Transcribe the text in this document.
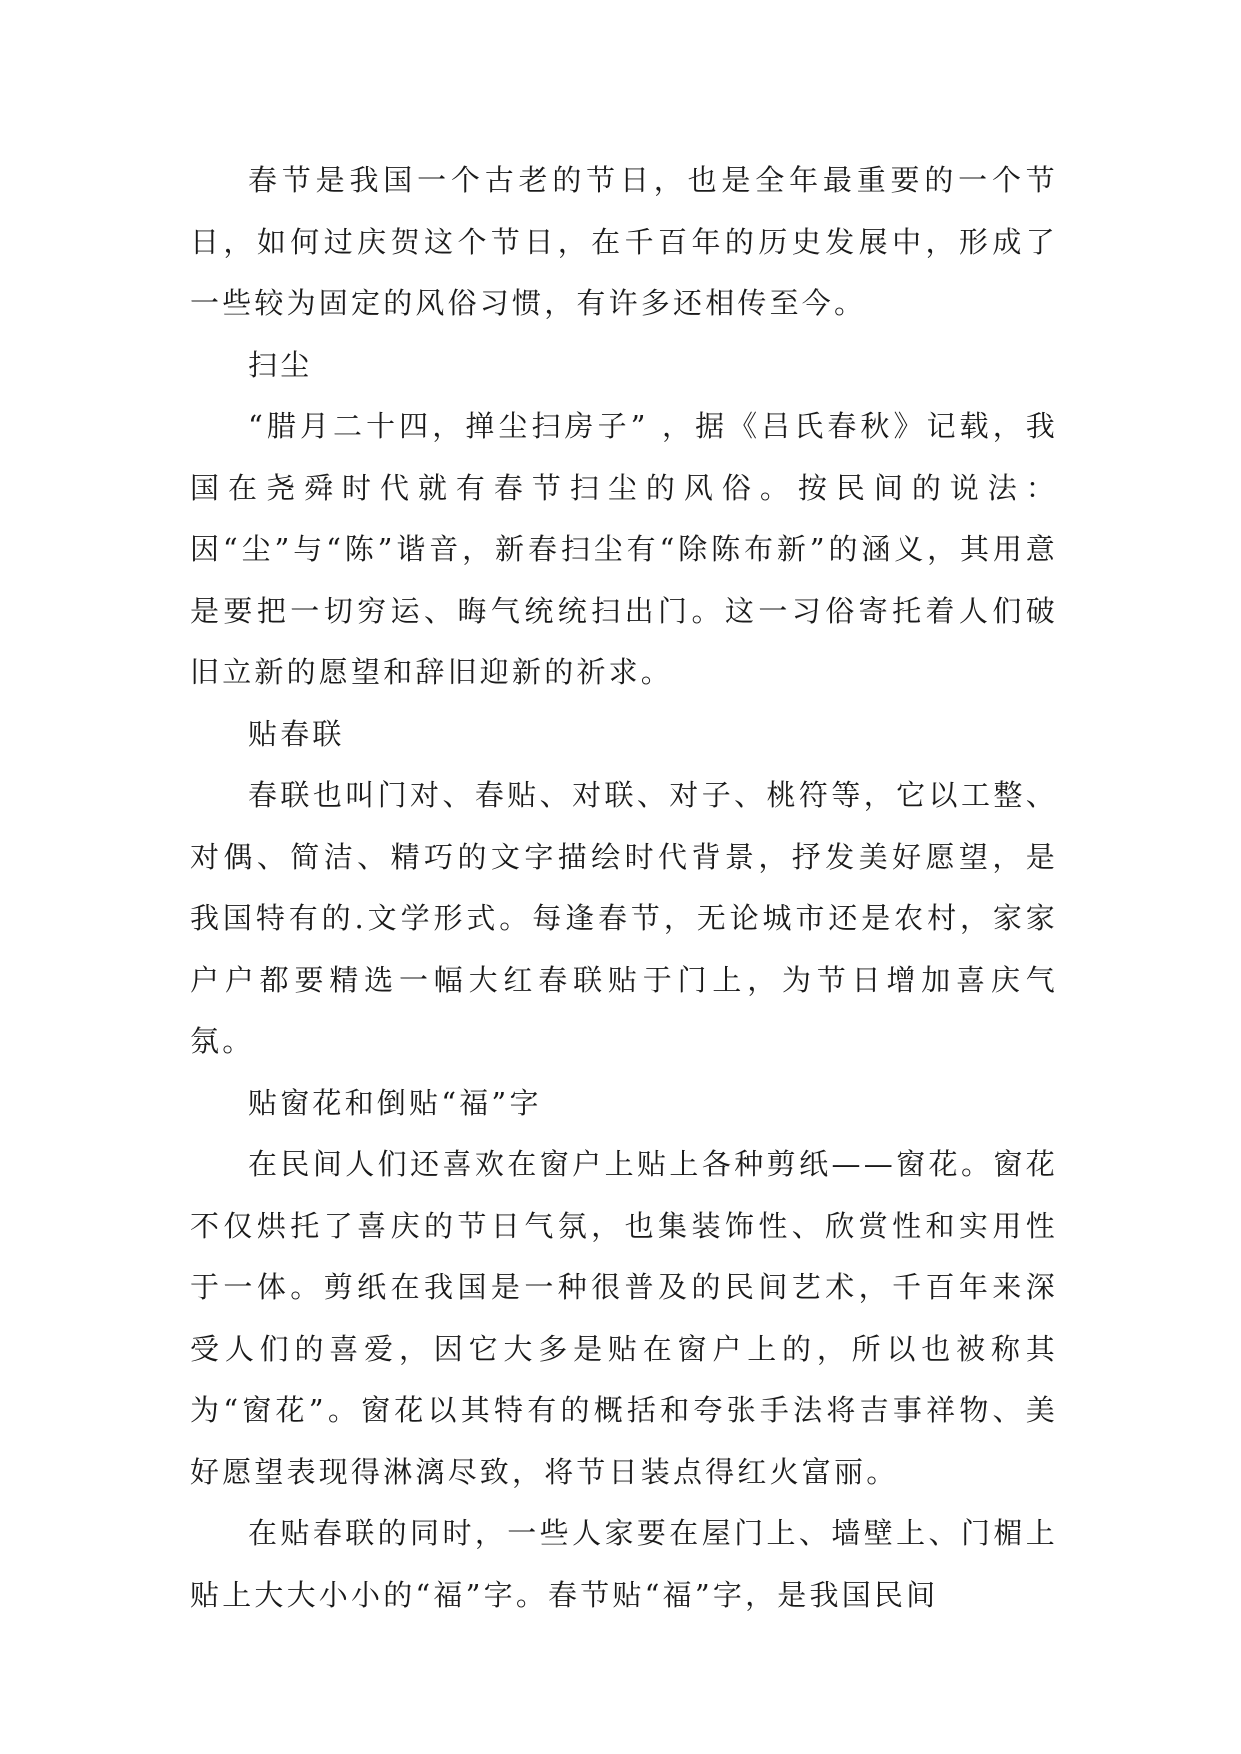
春节是我国一个古老的节日，也是全年最重要的一个节日，如何过庆贺这个节日，在千百年的历史发展中，形成了一些较为固定的风俗习惯，有许多还相传至今。

扫尘

“腊月二十四，掸尘扫房子” ，据《吕氏春秋》记载，我国在尧舜时代就有春节扫尘的风俗。按民间的说法：因“尘”与“陈”谐音，新春扫尘有“除陈布新”的涵义，其用意是要把一切穷运、晦气统统扫出门。这一习俗寄托着人们破旧立新的愿望和辞旧迎新的祈求。

贴春联

春联也叫门对、春贴、对联、对子、桃符等，它以工整、对偶、简洁、精巧的文字描绘时代背景，抒发美好愿望，是我国特有的.文学形式。每逢春节，无论城市还是农村，家家户户都要精选一幅大红春联贴于门上，为节日增加喜庆气氛。

贴窗花和倒贴“福”字

在民间人们还喜欢在窗户上贴上各种剪纸——窗花。窗花不仅烘托了喜庆的节日气氛，也集装饰性、欣赏性和实用性于一体。剪纸在我国是一种很普及的民间艺术，千百年来深受人们的喜爱，因它大多是贴在窗户上的，所以也被称其为“窗花”。窗花以其特有的概括和夸张手法将吉事祥物、美好愿望表现得淋漓尽致，将节日装点得红火富丽。

在贴春联的同时，一些人家要在屋门上、墙壁上、门楣上贴上大大小小的“福”字。春节贴“福”字，是我国民间
